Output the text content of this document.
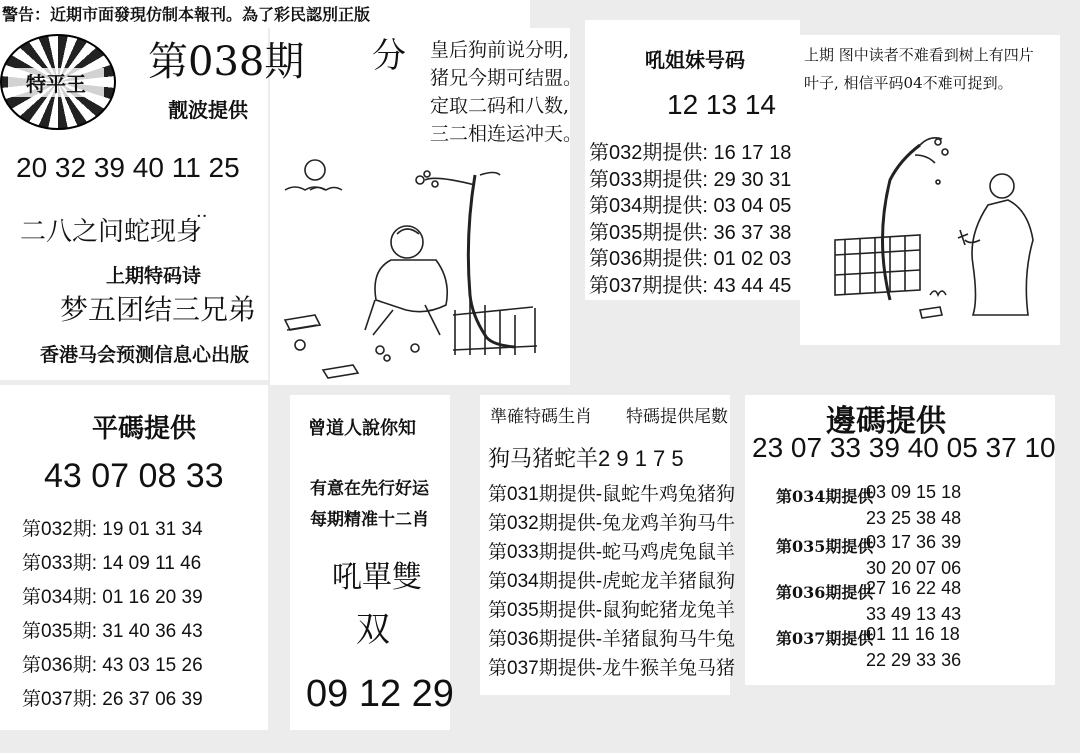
警告：近期市面發現仿制本報刊。為了彩民認別正版
特平王	第038期
靓波提供
分 皇后狗前说分明,
猪兄今期可结盟。
定取二码和八数,
三二相连运冲天。
20 32 39 40 11 25
二八之问蛇现身
··
上期特码诗
梦五团结三兄弟
香港马会预测信息心出版
吼姐妹号码
12 13 14
第032期提供: 16 17 18
第033期提供: 29 30 31
第034期提供: 03 04 05
第035期提供: 36 37 38
第036期提供: 01 02 03
第037期提供: 43 44 45
上期 图中读者不难看到树上有四片
叶子, 相信平码04不难可捉到。
平碼提供
43 07 08 33
第032期: 19 01 31 34
第033期: 14 09 11 46
第034期: 01 16 20 39
第035期: 31 40 36 43
第036期: 43 03 15 26
第037期: 26 37 06 39
曾道人說你知
有意在先行好运
每期精准十二肖
吼單雙
双
09 12 29
準確特碼生肖 特碼提供尾數
狗马猪蛇羊2 9 1 7 5
第031期提供-鼠蛇牛鸡兔猪狗
第032期提供-兔龙鸡羊狗马牛
第033期提供-蛇马鸡虎兔鼠羊
第034期提供-虎蛇龙羊猪鼠狗
第035期提供-鼠狗蛇猪龙兔羊
第036期提供-羊猪鼠狗马牛兔
第037期提供-龙牛猴羊兔马猪
邊碼提供
23 07 33 39 40 05 37 10
第034期提供
03 09 15 18
23 25 38 48
第035期提供
03 17 36 39
30 20 07 06
第036期提供
27 16 22 48
33 49 13 43
第037期提供
01 11 16 18
22 29 33 36
